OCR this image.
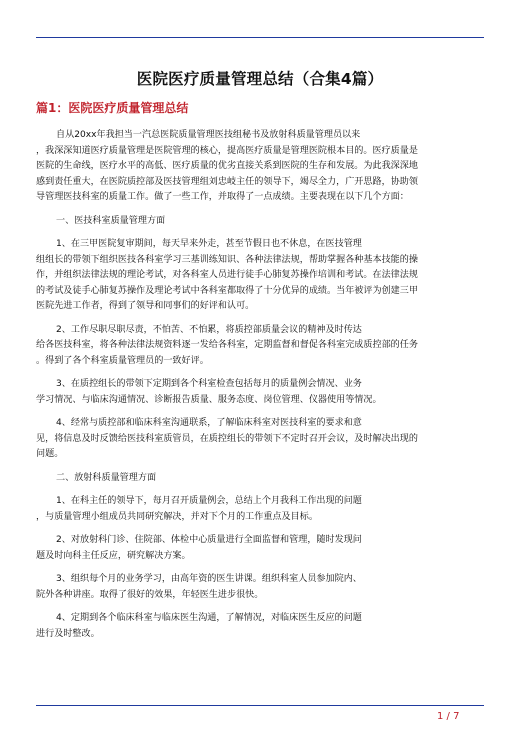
医院医疗质量管理总结（合集4篇）
篇1：医院医疗质量管理总结
自从20xx年我担当一汽总医院质量管理医技组秘书及放射科质量管理员以来
，我深深知道医疗质量管理是医院管理的核心，提高医疗质量是管理医院根本目的。医疗质量是
医院的生命线，医疗水平的高低、医疗质量的优劣直接关系到医院的生存和发展。为此我深深地
感到责任重大，在医院质控部及医技管理组刘忠岐主任的领导下，竭尽全力，广开思路，协助领
导管理医技科室的质量工作。做了一些工作，并取得了一点成绩。主要表现在以下几个方面：
一、医技科室质量管理方面
1、在三甲医院复审期间，每天早来外走，甚至节假日也不休息，在医技管理
组组长的带领下组织医技各科室学习三基训练知识、各种法律法规，帮助掌握各种基本技能的操
作，并组织法律法规的理论考试，对各科室人员进行徒手心肺复苏操作培训和考试。在法律法规
的考试及徒手心肺复苏操作及理论考试中各科室都取得了十分优异的成绩。当年被评为创建三甲
医院先进工作者，得到了领导和同事们的好评和认可。
2、工作尽职尽职尽责，不怕苦、不怕累，将质控部质量会议的精神及时传达
给各医技科室，将各种法律法规资料逐一发给各科室，定期监督和督促各科室完成质控部的任务
。得到了各个科室质量管理员的一致好评。
3、在质控组长的带领下定期到各个科室检查包括每月的质量例会情况、业务
学习情况、与临床沟通情况、诊断报告质量、服务态度、岗位管理、仪器使用等情况。
4、经常与质控部和临床科室沟通联系，了解临床科室对医技科室的要求和意
见，将信息及时反馈给医技科室质管员，在质控组长的带领下不定时召开会议，及时解决出现的
问题。
二、放射科质量管理方面
1、在科主任的领导下，每月召开质量例会，总结上个月我科工作出现的问题
，与质量管理小组成员共同研究解决，并对下个月的工作重点及目标。
2、对放射科门诊、住院部、体检中心质量进行全面监督和管理，随时发现问
题及时向科主任反应，研究解决方案。
3、组织每个月的业务学习，由高年资的医生讲课。组织科室人员参加院内、
院外各种讲座。取得了很好的效果，年轻医生进步很快。
4、定期到各个临床科室与临床医生沟通，了解情况，对临床医生反应的问题
进行及时整改。
1 / 7
